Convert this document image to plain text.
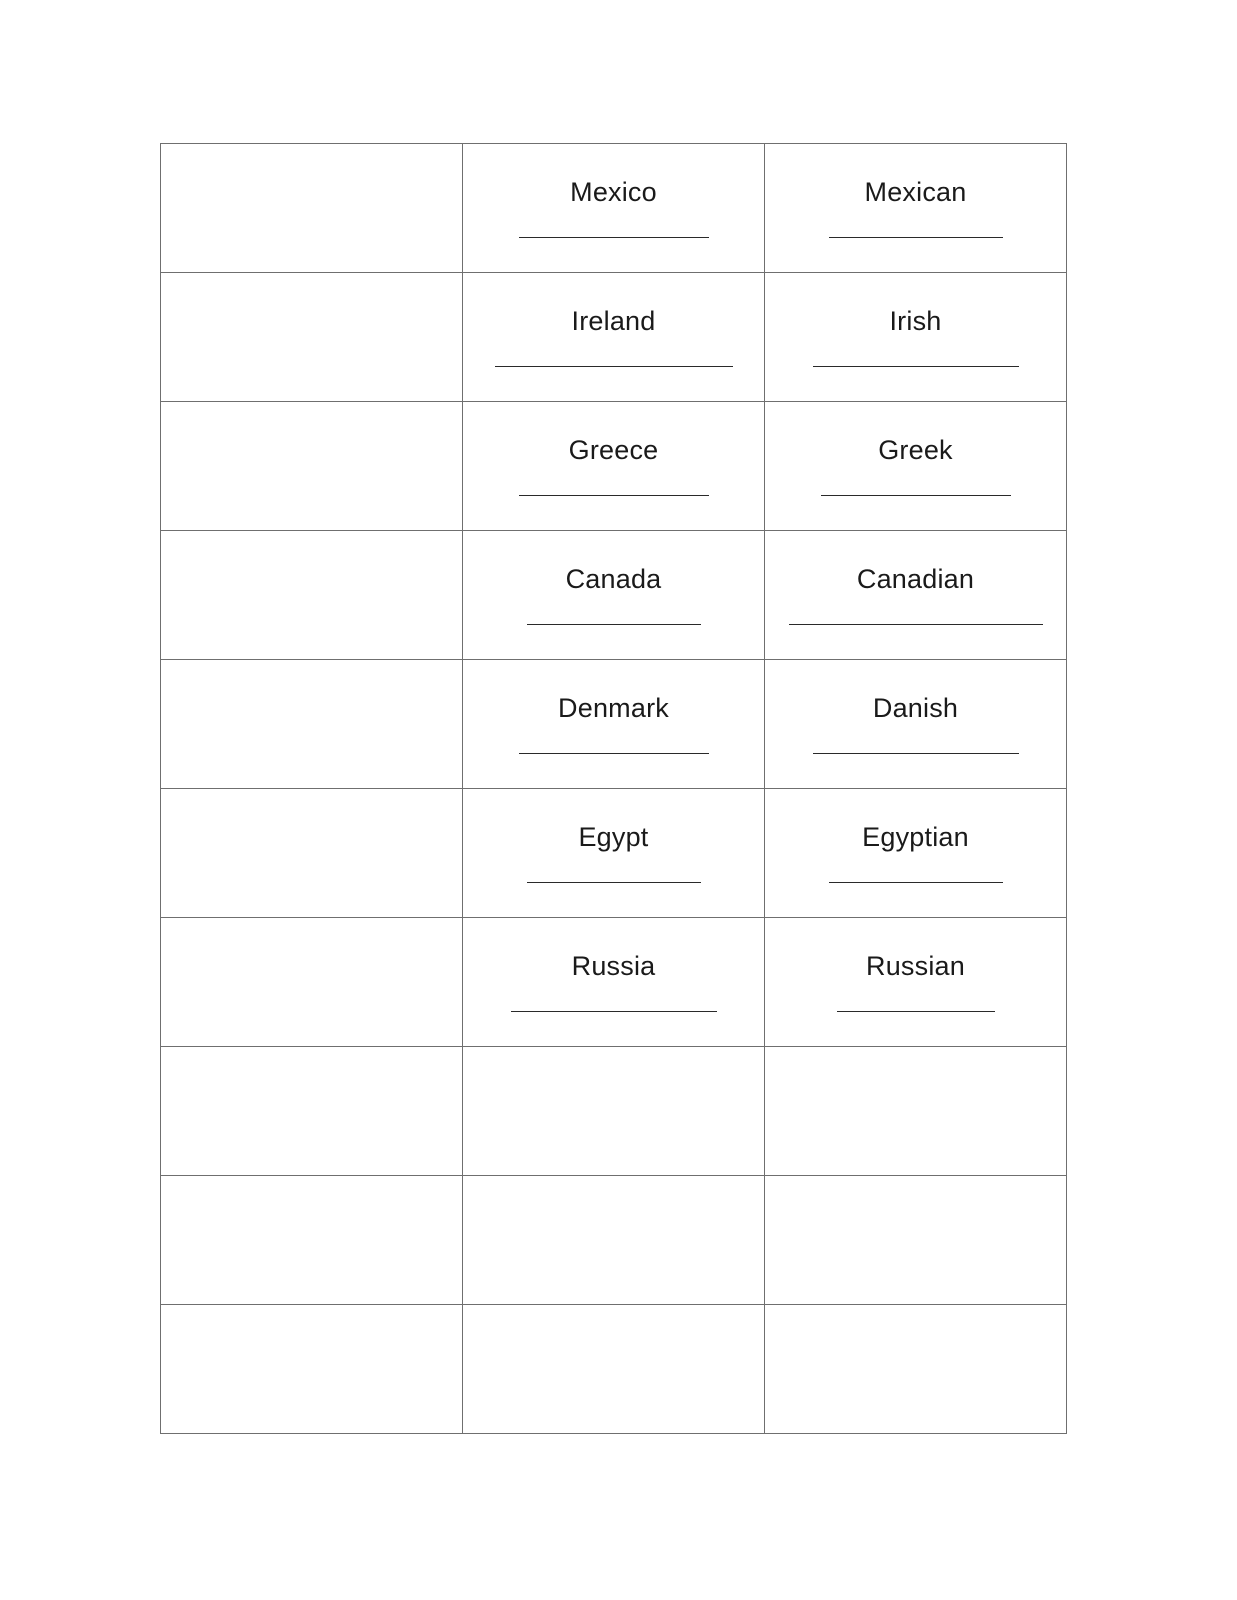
	Mexico	Mexican

	Ireland	Irish

	Greece	Greek

	Canada	Canadian

	Denmark	Danish

	Egypt	Egyptian

	Russia	Russian
